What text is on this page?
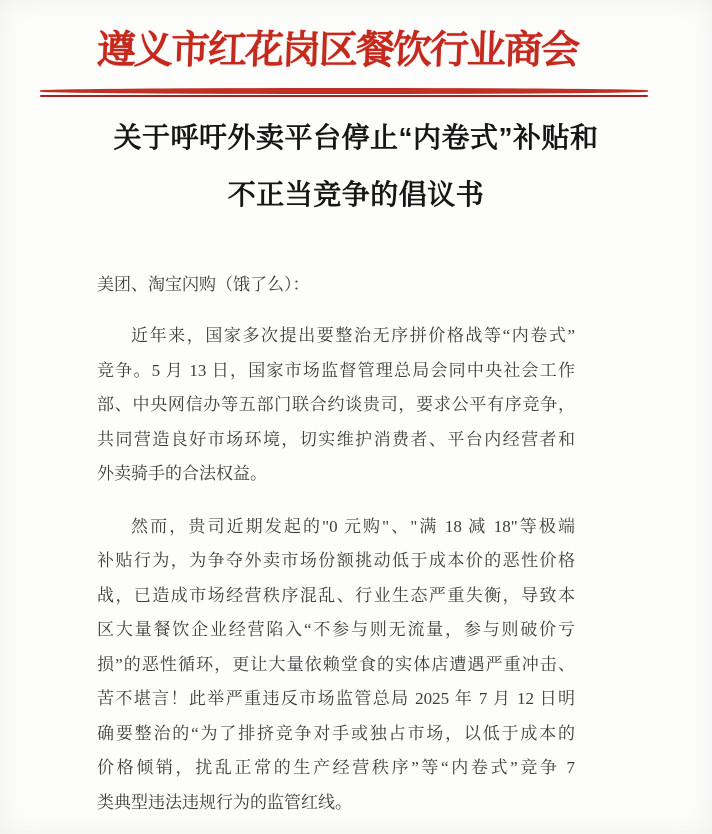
遵义市红花岗区餐饮行业商会
关于呼吁外卖平台停止“内卷式”补贴和
不正当竞争的倡议书
美团、淘宝闪购（饿了么）：
近年来，国家多次提出要整治无序拼价格战等“内卷式”
竞争。5 月 13 日，国家市场监督管理总局会同中央社会工作
部、中央网信办等五部门联合约谈贵司，要求公平有序竞争，
共同营造良好市场环境，切实维护消费者、平台内经营者和
外卖骑手的合法权益。
然而，贵司近期发起的"0 元购"、"满 18 减 18"等极端
补贴行为，为争夺外卖市场份额挑动低于成本价的恶性价格
战，已造成市场经营秩序混乱、行业生态严重失衡，导致本
区大量餐饮企业经营陷入“不参与则无流量，参与则破价亏
损”的恶性循环，更让大量依赖堂食的实体店遭遇严重冲击、
苦不堪言！此举严重违反市场监管总局 2025 年 7 月 12 日明
确要整治的“为了排挤竞争对手或独占市场，以低于成本的
价格倾销，扰乱正常的生产经营秩序”等“内卷式”竞争 7
类典型违法违规行为的监管红线。
